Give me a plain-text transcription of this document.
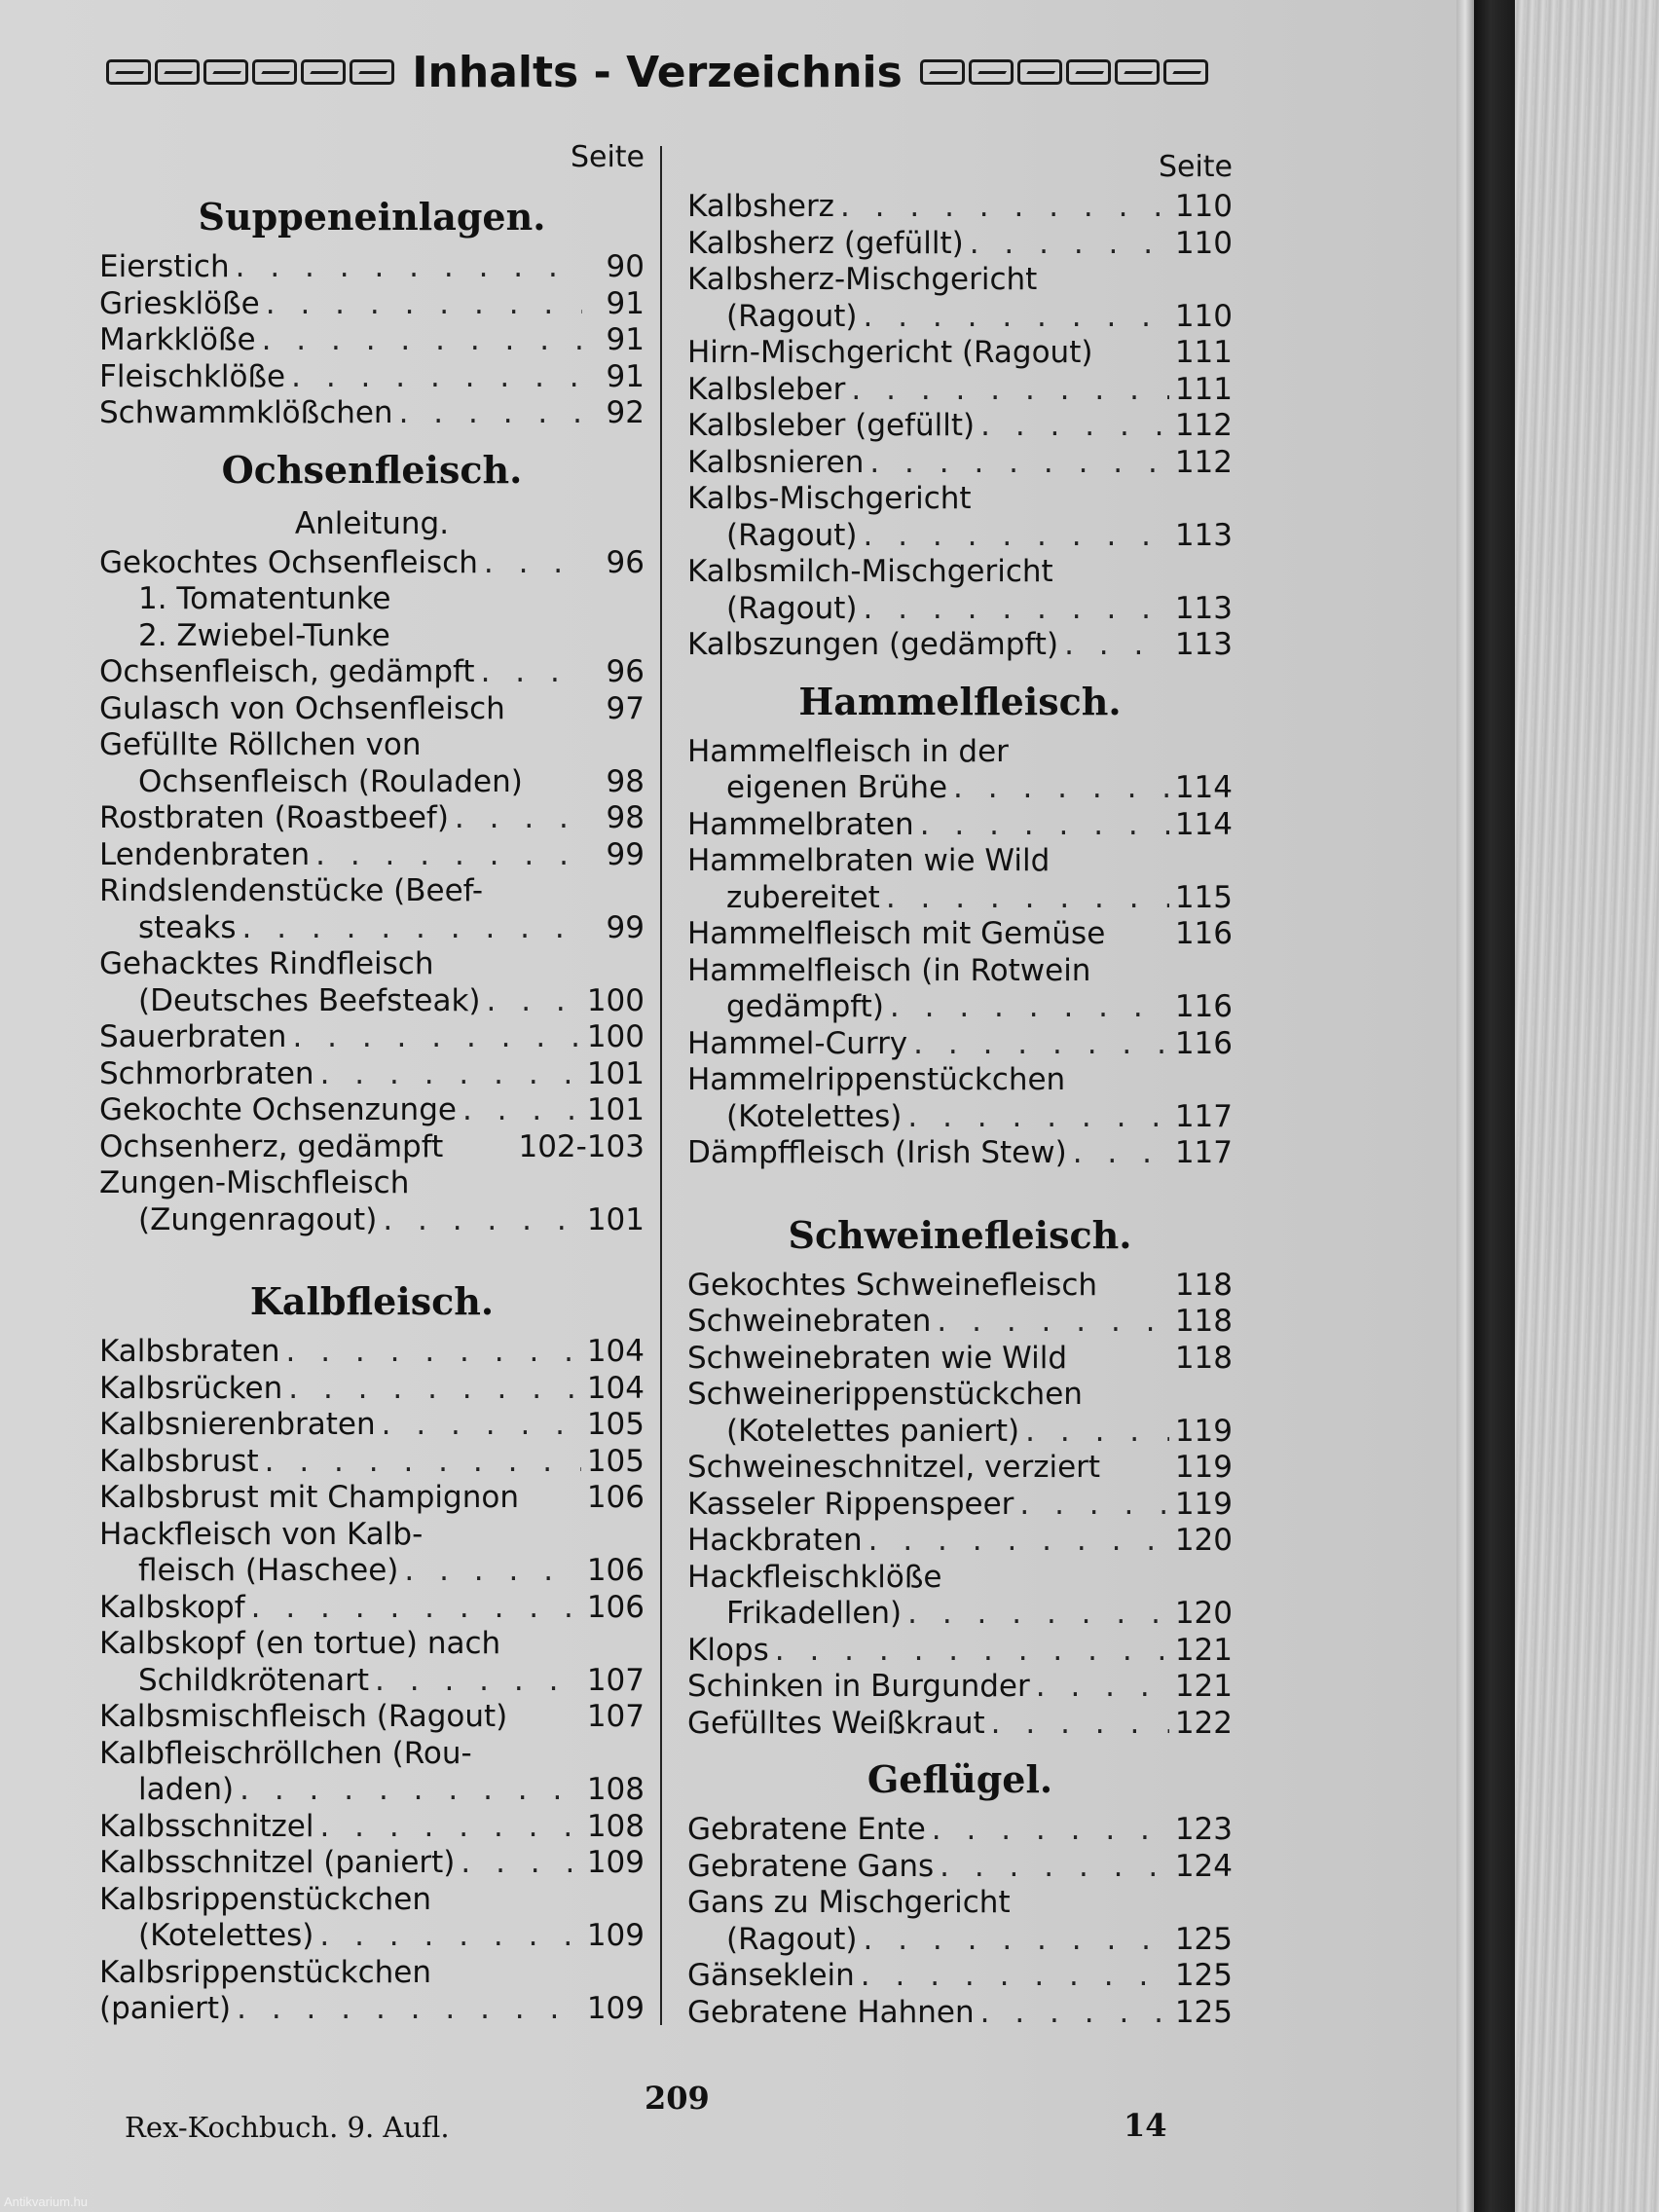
Inhalts - Verzeichnis
Seite
Suppeneinlagen.
Eierstich . . .	90
Griesklöße . . .	91
Markklöße . . .	91
Fleischklöße . . .	91
Schwammklößchen . . .	92
Ochsenfleisch.
Anleitung.
Gekochtes Ochsenfleisch . . .	96
1. Tomatentunke
2. Zwiebel-Tunke
Ochsenfleisch, gedämpft . . .	96
Gulasch von Ochsenfleisch	97
Gefüllte Röllchen von
Ochsenfleisch (Rouladen)	98
Rostbraten (Roastbeef) . . .	98
Lendenbraten . . .	99
Rindslendenstücke (Beef-
steaks . . .	99
Gehacktes Rindfleisch
(Deutsches Beefsteak) . . .	100
Sauerbraten . . .	100
Schmorbraten . . .	101
Gekochte Ochsenzunge . . .	101
Ochsenherz, gedämpft 102-103
Zungen-Mischfleisch
(Zungenragout) . . .	101
Kalbfleisch.
Kalbsbraten . . .	104
Kalbsrücken . . .	104
Kalbsnierenbraten . . .	105
Kalbsbrust . . .	105
Kalbsbrust mit Champignon 106
Hackfleisch von Kalb-
fleisch (Haschee) . . .	106
Kalbskopf . . .	106
Kalbskopf (en tortue) nach
Schildkrötenart . . .	107
Kalbsmischfleisch (Ragout)	107
Kalbfleischröllchen (Rou-
laden) . . .	108
Kalbsschnitzel . . .	108
Kalbsschnitzel (paniert) . . .	109
Kalbsrippenstückchen
(Kotelettes) . . .	109
Kalbsrippenstückchen
(paniert) . . .	109
Seite
Kalbsherz . . .	110
Kalbsherz (gefüllt) . . .	110
Kalbsherz-Mischgericht
(Ragout) . . .	110
Hirn-Mischgericht (Ragout)	111
Kalbsleber . . .	111
Kalbsleber (gefüllt) . . .	112
Kalbsnieren . . .	112
Kalbs-Mischgericht
(Ragout) . . .	113
Kalbsmilch-Mischgericht
(Ragout) . . .	113
Kalbszungen (gedämpft) . . .	113
Hammelfleisch.
Hammelfleisch in der
eigenen Brühe . . .	114
Hammelbraten . . .	114
Hammelbraten wie Wild
zubereitet . . .	115
Hammelfleisch mit Gemüse 116
Hammelfleisch (in Rotwein
gedämpft) . . .	116
Hammel-Curry . . .	116
Hammelrippenstückchen
(Kotelettes) . . .	117
Dämpffleisch (Irish Stew) . . .	117
Schweinefleisch.
Gekochtes Schweinefleisch	118
Schweinebraten . . .	118
Schweinebraten wie Wild	118
Schweinerippenstückchen
(Kotelettes paniert) . . .	119
Schweineschnitzel, verziert 119
Kasseler Rippenspeer . . .	119
Hackbraten . . .	120
Hackfleischklöße
Frikadellen) . . .	120
Klops . . .	121
Schinken in Burgunder . . .	121
Gefülltes Weißkraut . . .	122
Geflügel.
Gebratene Ente . . .	123
Gebratene Gans . . .	124
Gans zu Mischgericht
(Ragout) . . .	125
Gänseklein . . .	125
Gebratene Hahnen . . .	125
Rex-Kochbuch. 9. Aufl.
209
14
Antikvarium.hu
